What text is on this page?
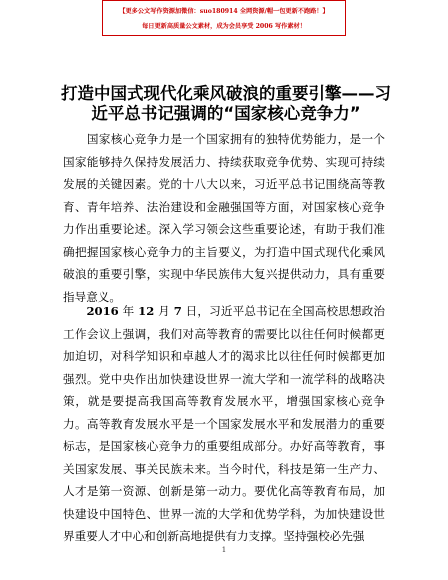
【更多公文写作资源加微信：suo180914 全网资源/帽一包更新不跑路！】
每日更新高质量公文素材，成为会员享受 2006 写作素材！
打造中国式现代化乘风破浪的重要引擎——习近平总书记强调的“国家核心竞争力”
　　国家核心竞争力是一个国家拥有的独特优势能力，是一个国家能够持久保持发展活力、持续获取竞争优势、实现可持续发展的关键因素。党的十八大以来，习近平总书记围绕高等教育、青年培养、法治建设和金融强国等方面，对国家核心竞争力作出重要论述。深入学习领会这些重要论述，有助于我们准确把握国家核心竞争力的主旨要义，为打造中国式现代化乘风破浪的重要引擎，实现中华民族伟大复兴提供动力，具有重要指导意义。
　　2016 年 12 月 7 日，习近平总书记在全国高校思想政治工作会议上强调，我们对高等教育的需要比以往任何时候都更加迫切，对科学知识和卓越人才的渴求比以往任何时候都更加强烈。党中央作出加快建设世界一流大学和一流学科的战略决策，就是要提高我国高等教育发展水平，增强国家核心竞争力。高等教育发展水平是一个国家发展水平和发展潜力的重要标志，是国家核心竞争力的重要组成部分。办好高等教育，事关国家发展、事关民族未来。当今时代，科技是第一生产力、人才是第一资源、创新是第一动力。要优化高等教育布局，加快建设中国特色、世界一流的大学和优势学科，为加快建设世界重要人才中心和创新高地提供有力支撑。坚持强校必先强
1
